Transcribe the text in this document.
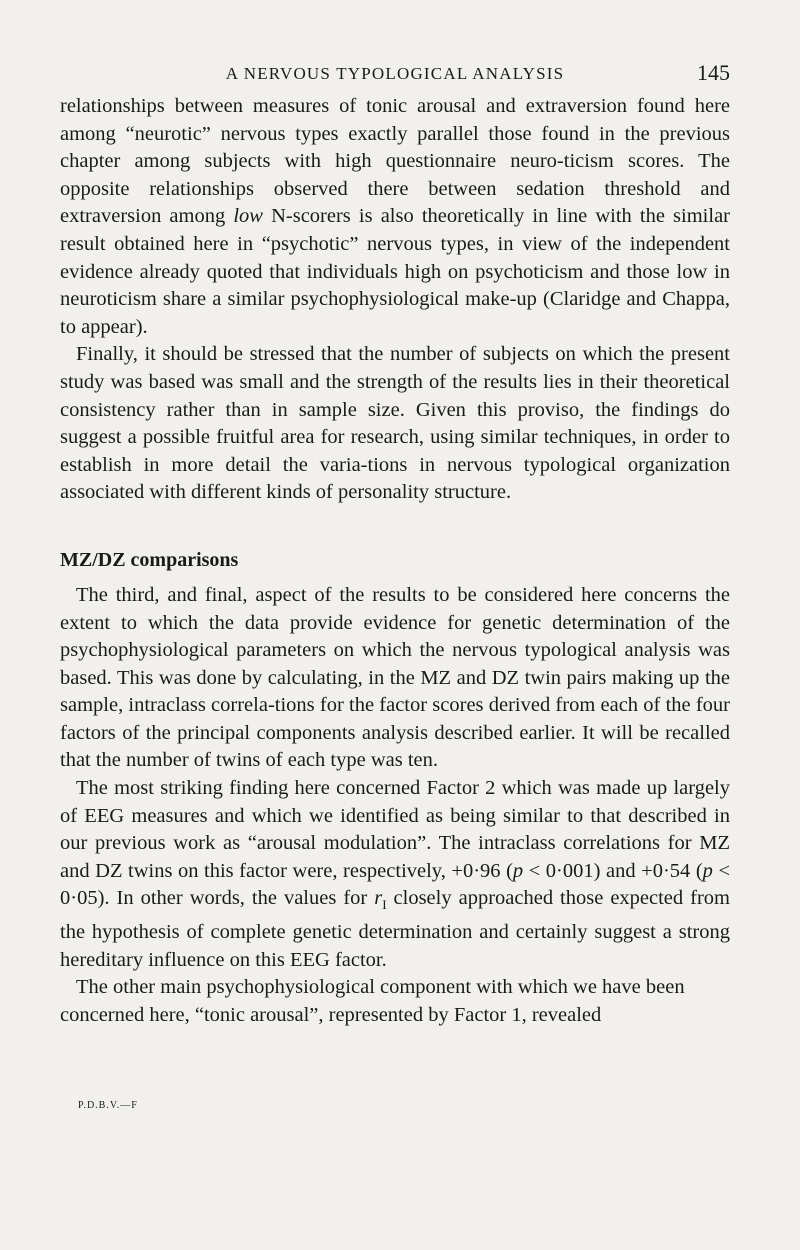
A NERVOUS TYPOLOGICAL ANALYSIS	145

relationships between measures of tonic arousal and extraversion found here among “neurotic” nervous types exactly parallel those found in the previous chapter among subjects with high questionnaire neuro-ticism scores. The opposite relationships observed there between sedation threshold and extraversion among low N-scorers is also theoretically in line with the similar result obtained here in “psychotic” nervous types, in view of the independent evidence already quoted that individuals high on psychoticism and those low in neuroticism share a similar psychophysiological make-up (Claridge and Chappa, to appear).

Finally, it should be stressed that the number of subjects on which the present study was based was small and the strength of the results lies in their theoretical consistency rather than in sample size. Given this proviso, the findings do suggest a possible fruitful area for research, using similar techniques, in order to establish in more detail the varia-tions in nervous typological organization associated with different kinds of personality structure.

MZ/DZ comparisons

The third, and final, aspect of the results to be considered here concerns the extent to which the data provide evidence for genetic determination of the psychophysiological parameters on which the nervous typological analysis was based. This was done by calculating, in the MZ and DZ twin pairs making up the sample, intraclass correla-tions for the factor scores derived from each of the four factors of the principal components analysis described earlier. It will be recalled that the number of twins of each type was ten.

The most striking finding here concerned Factor 2 which was made up largely of EEG measures and which we identified as being similar to that described in our previous work as “arousal modulation”. The intraclass correlations for MZ and DZ twins on this factor were, respectively, +0·96 (p < 0·001) and +0·54 (p < 0·05). In other words, the values for $r_I$ closely approached those expected from the hypothesis of complete genetic determination and certainly suggest a strong hereditary influence on this EEG factor.

The other main psychophysiological component with which we have been concerned here, “tonic arousal”, represented by Factor 1, revealed

P.D.B.V.—F
